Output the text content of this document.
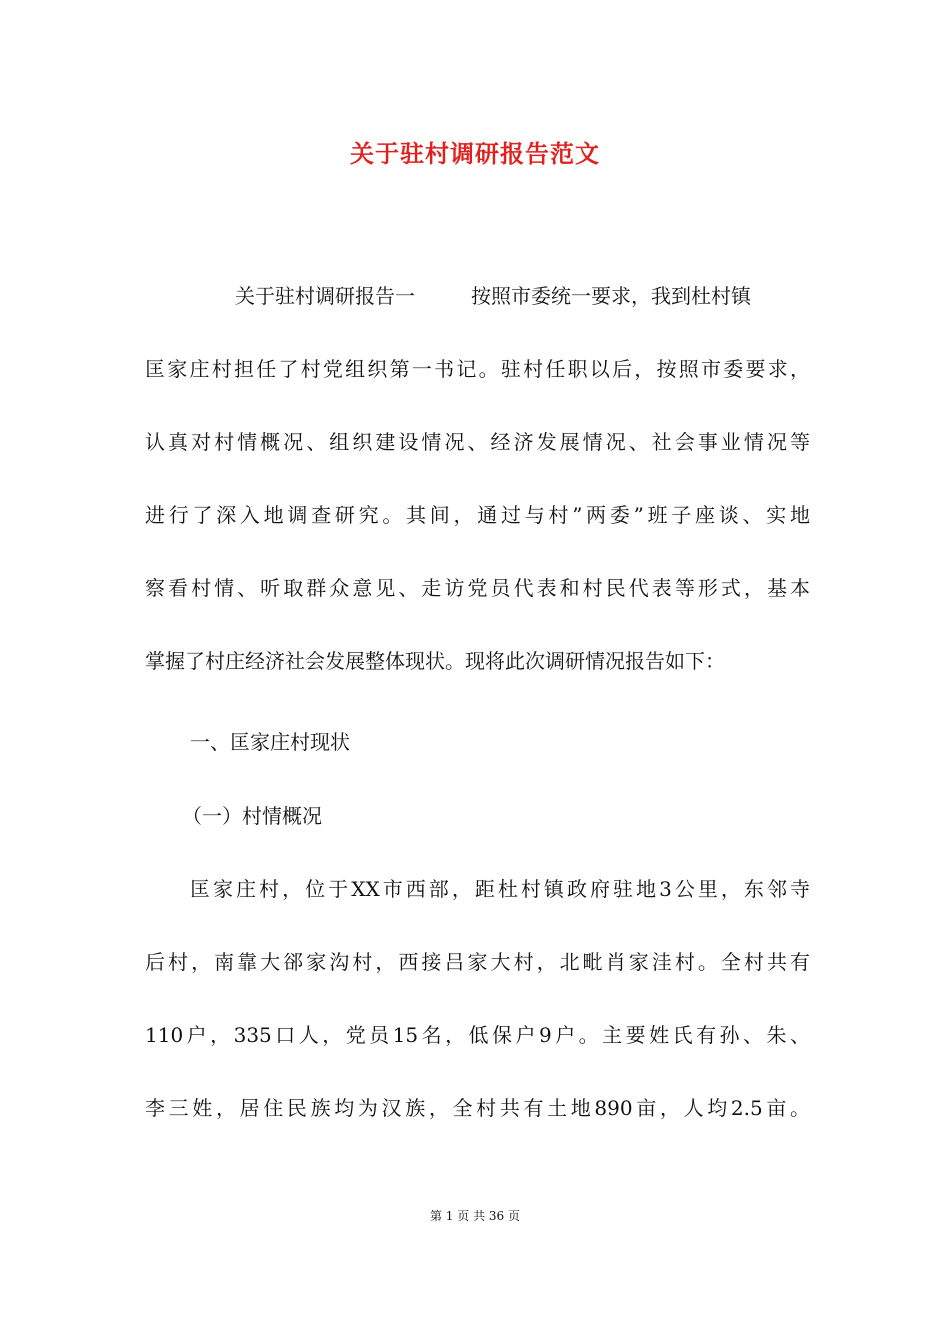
关于驻村调研报告范文
关于驻村调研报告一	按照市委统一要求，我到杜村镇
匡家庄村担任了村党组织第一书记。驻村任职以后，按照市委要求，
认真对村情概况、组织建设情况、经济发展情况、社会事业情况等
进行了深入地调查研究。其间，通过与村”两委”班子座谈、实地
察看村情、听取群众意见、走访党员代表和村民代表等形式，基本
掌握了村庄经济社会发展整体现状。现将此次调研情况报告如下：
一、匡家庄村现状
（一）村情概况
匡家庄村，位于XX市西部，距杜村镇政府驻地3公里，东邻寺
后村，南靠大郤家沟村，西接吕家大村，北毗肖家洼村。全村共有
110户，335口人，党员15名，低保户9户。主要姓氏有孙、朱、
李三姓，居住民族均为汉族，全村共有土地890亩，人均2.5亩。
第 1 页 共 36 页
